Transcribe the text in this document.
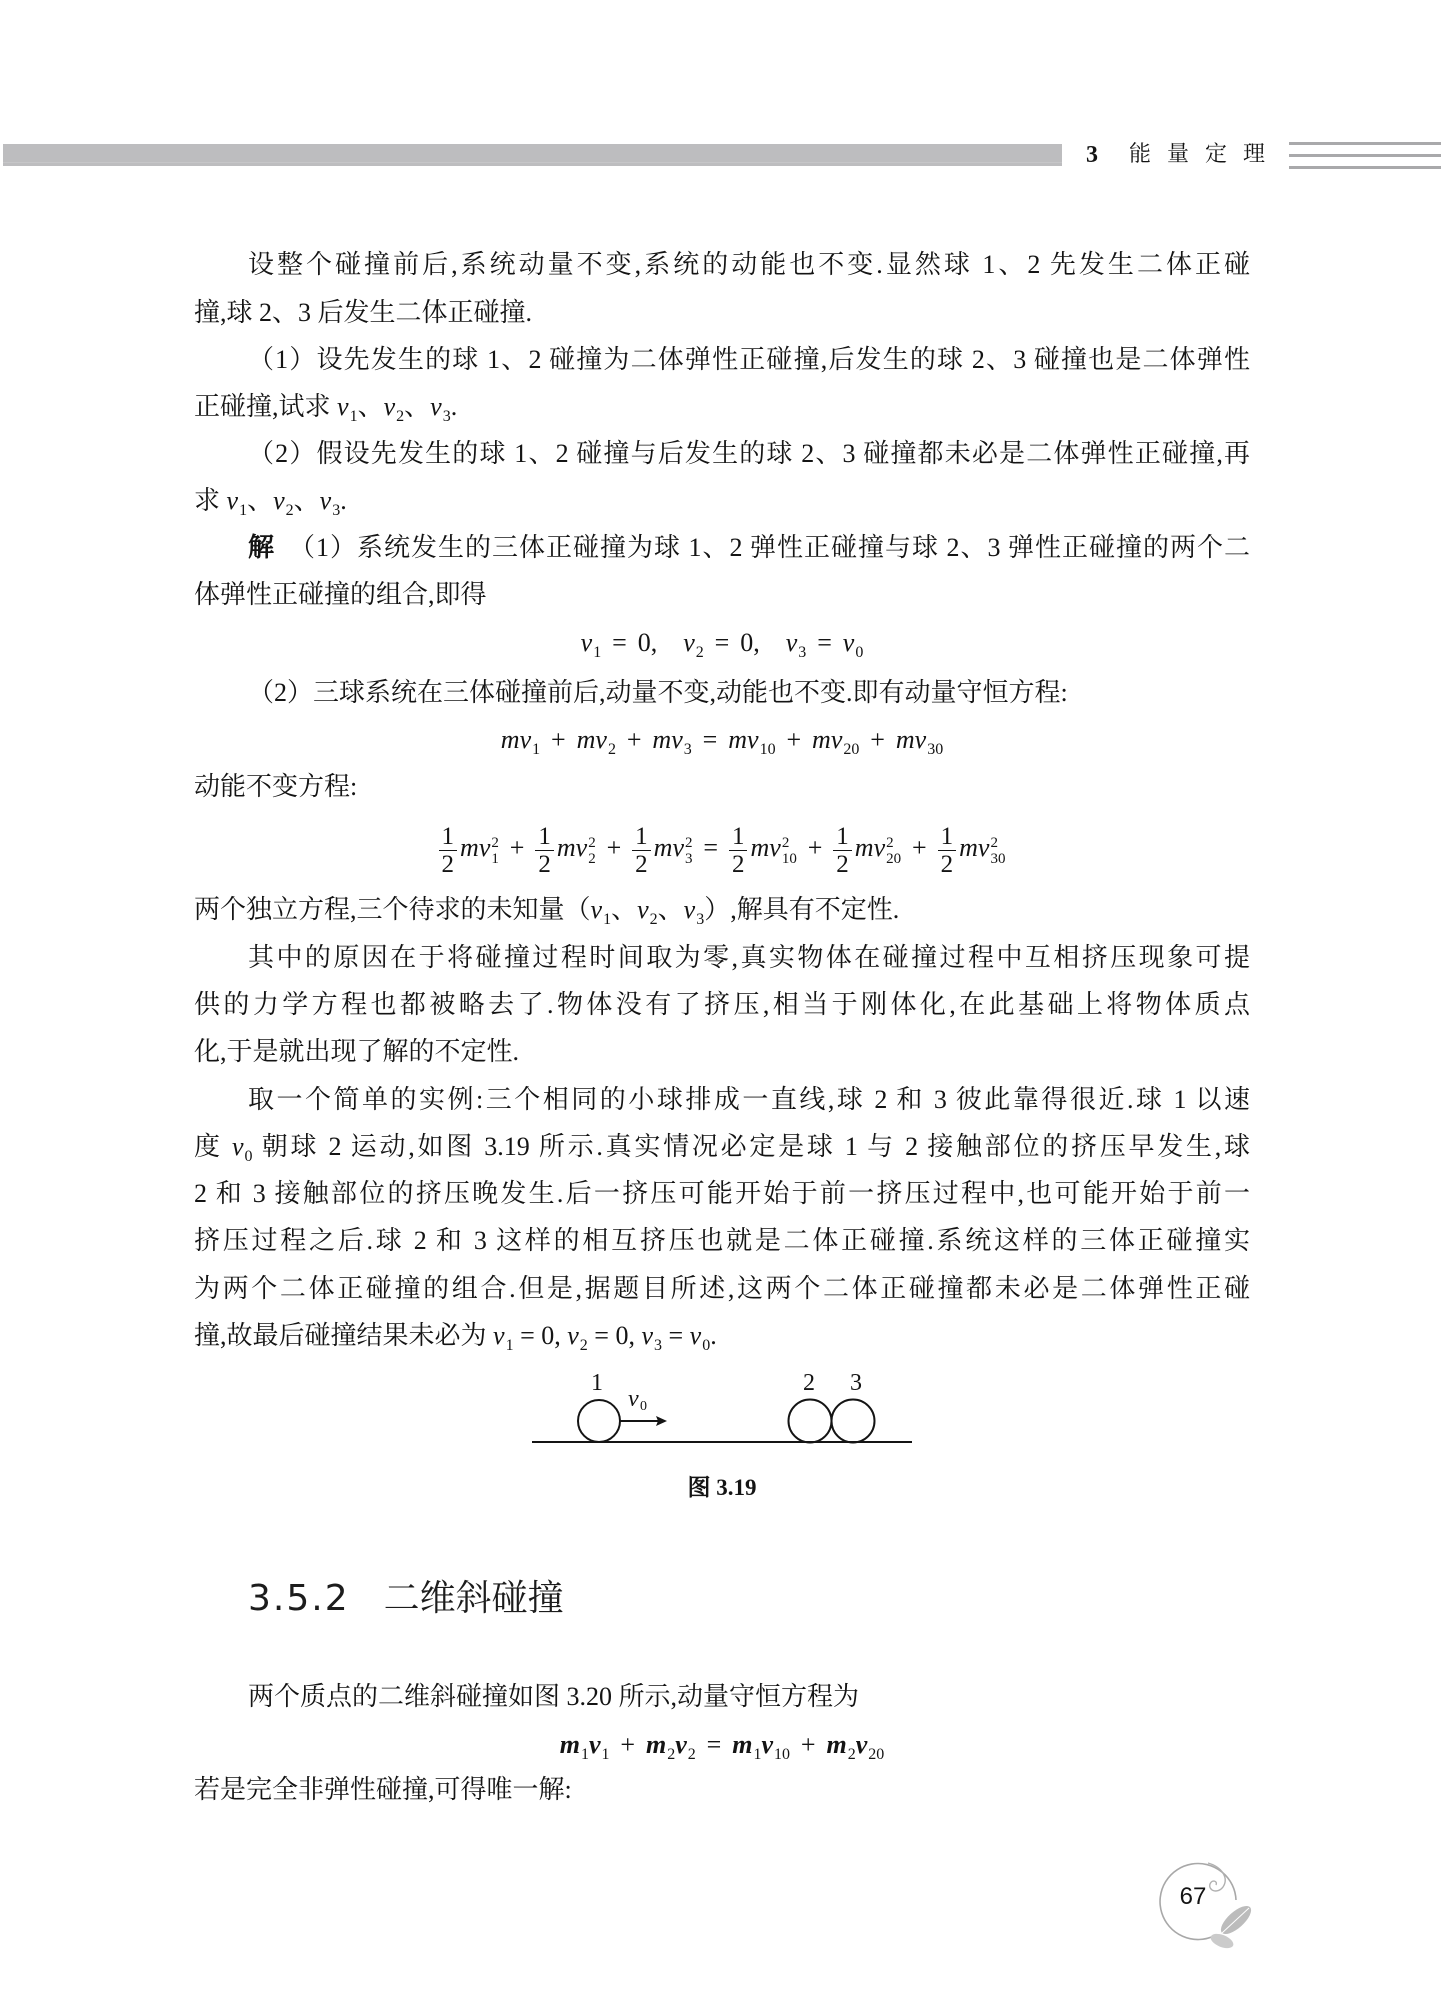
3 能量定理
设整个碰撞前后,系统动量不变,系统的动能也不变.显然球 1、2 先发生二体正碰
撞,球 2、3 后发生二体正碰撞.
（1）设先发生的球 1、2 碰撞为二体弹性正碰撞,后发生的球 2、3 碰撞也是二体弹性
正碰撞,试求 $v_1$、$v_2$、$v_3$.
（2）假设先发生的球 1、2 碰撞与后发生的球 2、3 碰撞都未必是二体弹性正碰撞,再
求 $v_1$、$v_2$、$v_3$.
解　（1）系统发生的三体正碰撞为球 1、2 弹性正碰撞与球 2、3 弹性正碰撞的两个二
体弹性正碰撞的组合,即得
$v_1 = 0$, $v_2 = 0$, $v_3 = v_0$
（2）三球系统在三体碰撞前后,动量不变,动能也不变.即有动量守恒方程:
$mv_1 + mv_2 + mv_3 = mv_{10} + mv_{20} + mv_{30}$
动能不变方程:
$\frac{1}{2}$ mv 2
$1 + \frac{1}{2}$ mv 2
$2 + \frac{1}{2}$ mv 2
$3 = \frac{1}{2}$ mv 2
$10 + \frac{1}{2}$ mv 2
$20 + \frac{1}{2}$ mv 2
30
两个独立方程,三个待求的未知量（$v_1$、$v_2$、$v_3$）,解具有不定性.
其中的原因在于将碰撞过程时间取为零,真实物体在碰撞过程中互相挤压现象可提
供的力学方程也都被略去了.物体没有了挤压,相当于刚体化,在此基础上将物体质点
化,于是就出现了解的不定性.
取一个简单的实例:三个相同的小球排成一直线,球 2 和 3 彼此靠得很近.球 1 以速
度 $v_0$ 朝球 2 运动,如图 3.19 所示.真实情况必定是球 1 与 2 接触部位的挤压早发生,球
2 和 3 接触部位的挤压晚发生.后一挤压可能开始于前一挤压过程中,也可能开始于前一
挤压过程之后.球 2 和 3 这样的相互挤压也就是二体正碰撞.系统这样的三体正碰撞实
为两个二体正碰撞的组合.但是,据题目所述,这两个二体正碰撞都未必是二体弹性正碰
撞,故最后碰撞结果未必为 $v_1 = 0$, $v_2 = 0$, $v_3 = v_0$.
1	2 3
v 0
图 3.19
3.5.2 二维斜碰撞
两个质点的二维斜碰撞如图 3.20 所示,动量守恒方程为
$m_1v_1 + m_2v_2 = m_1v_{10} + m_2v_{20}$
若是完全非弹性碰撞,可得唯一解:
67
